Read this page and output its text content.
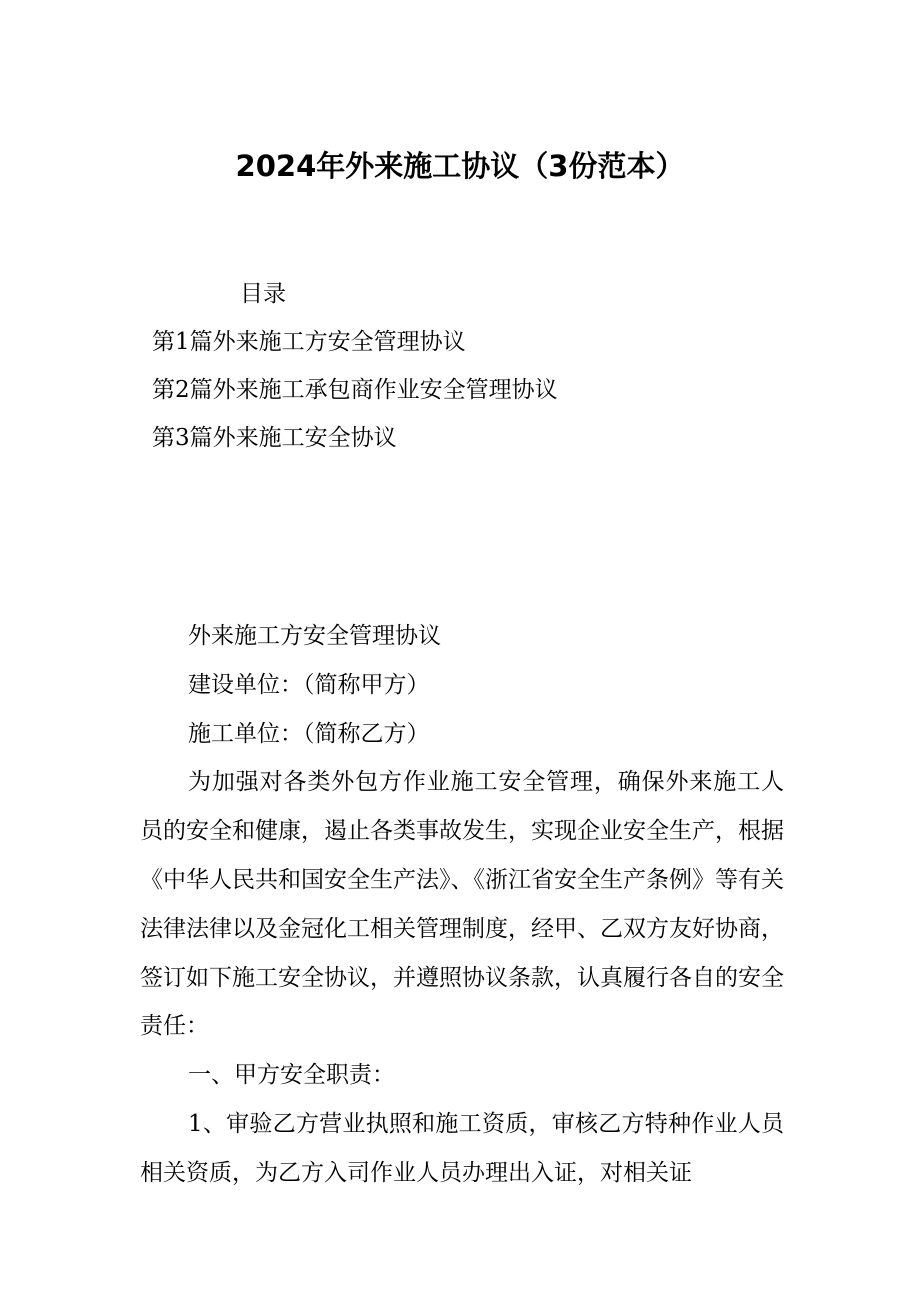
2024年外来施工协议（3份范本）

目录

第1篇外来施工方安全管理协议
第2篇外来施工承包商作业安全管理协议
第3篇外来施工安全协议

外来施工方安全管理协议

建设单位：（简称甲方）

施工单位：（简称乙方）

为加强对各类外包方作业施工安全管理，确保外来施工人员的安全和健康，遏止各类事故发生，实现企业安全生产，根据《中华人民共和国安全生产法》、《浙江省安全生产条例》等有关法律法律以及金冠化工相关管理制度，经甲、乙双方友好协商，签订如下施工安全协议，并遵照协议条款，认真履行各自的安全责任：

一、甲方安全职责：

1、审验乙方营业执照和施工资质，审核乙方特种作业人员相关资质，为乙方入司作业人员办理出入证，对相关证
